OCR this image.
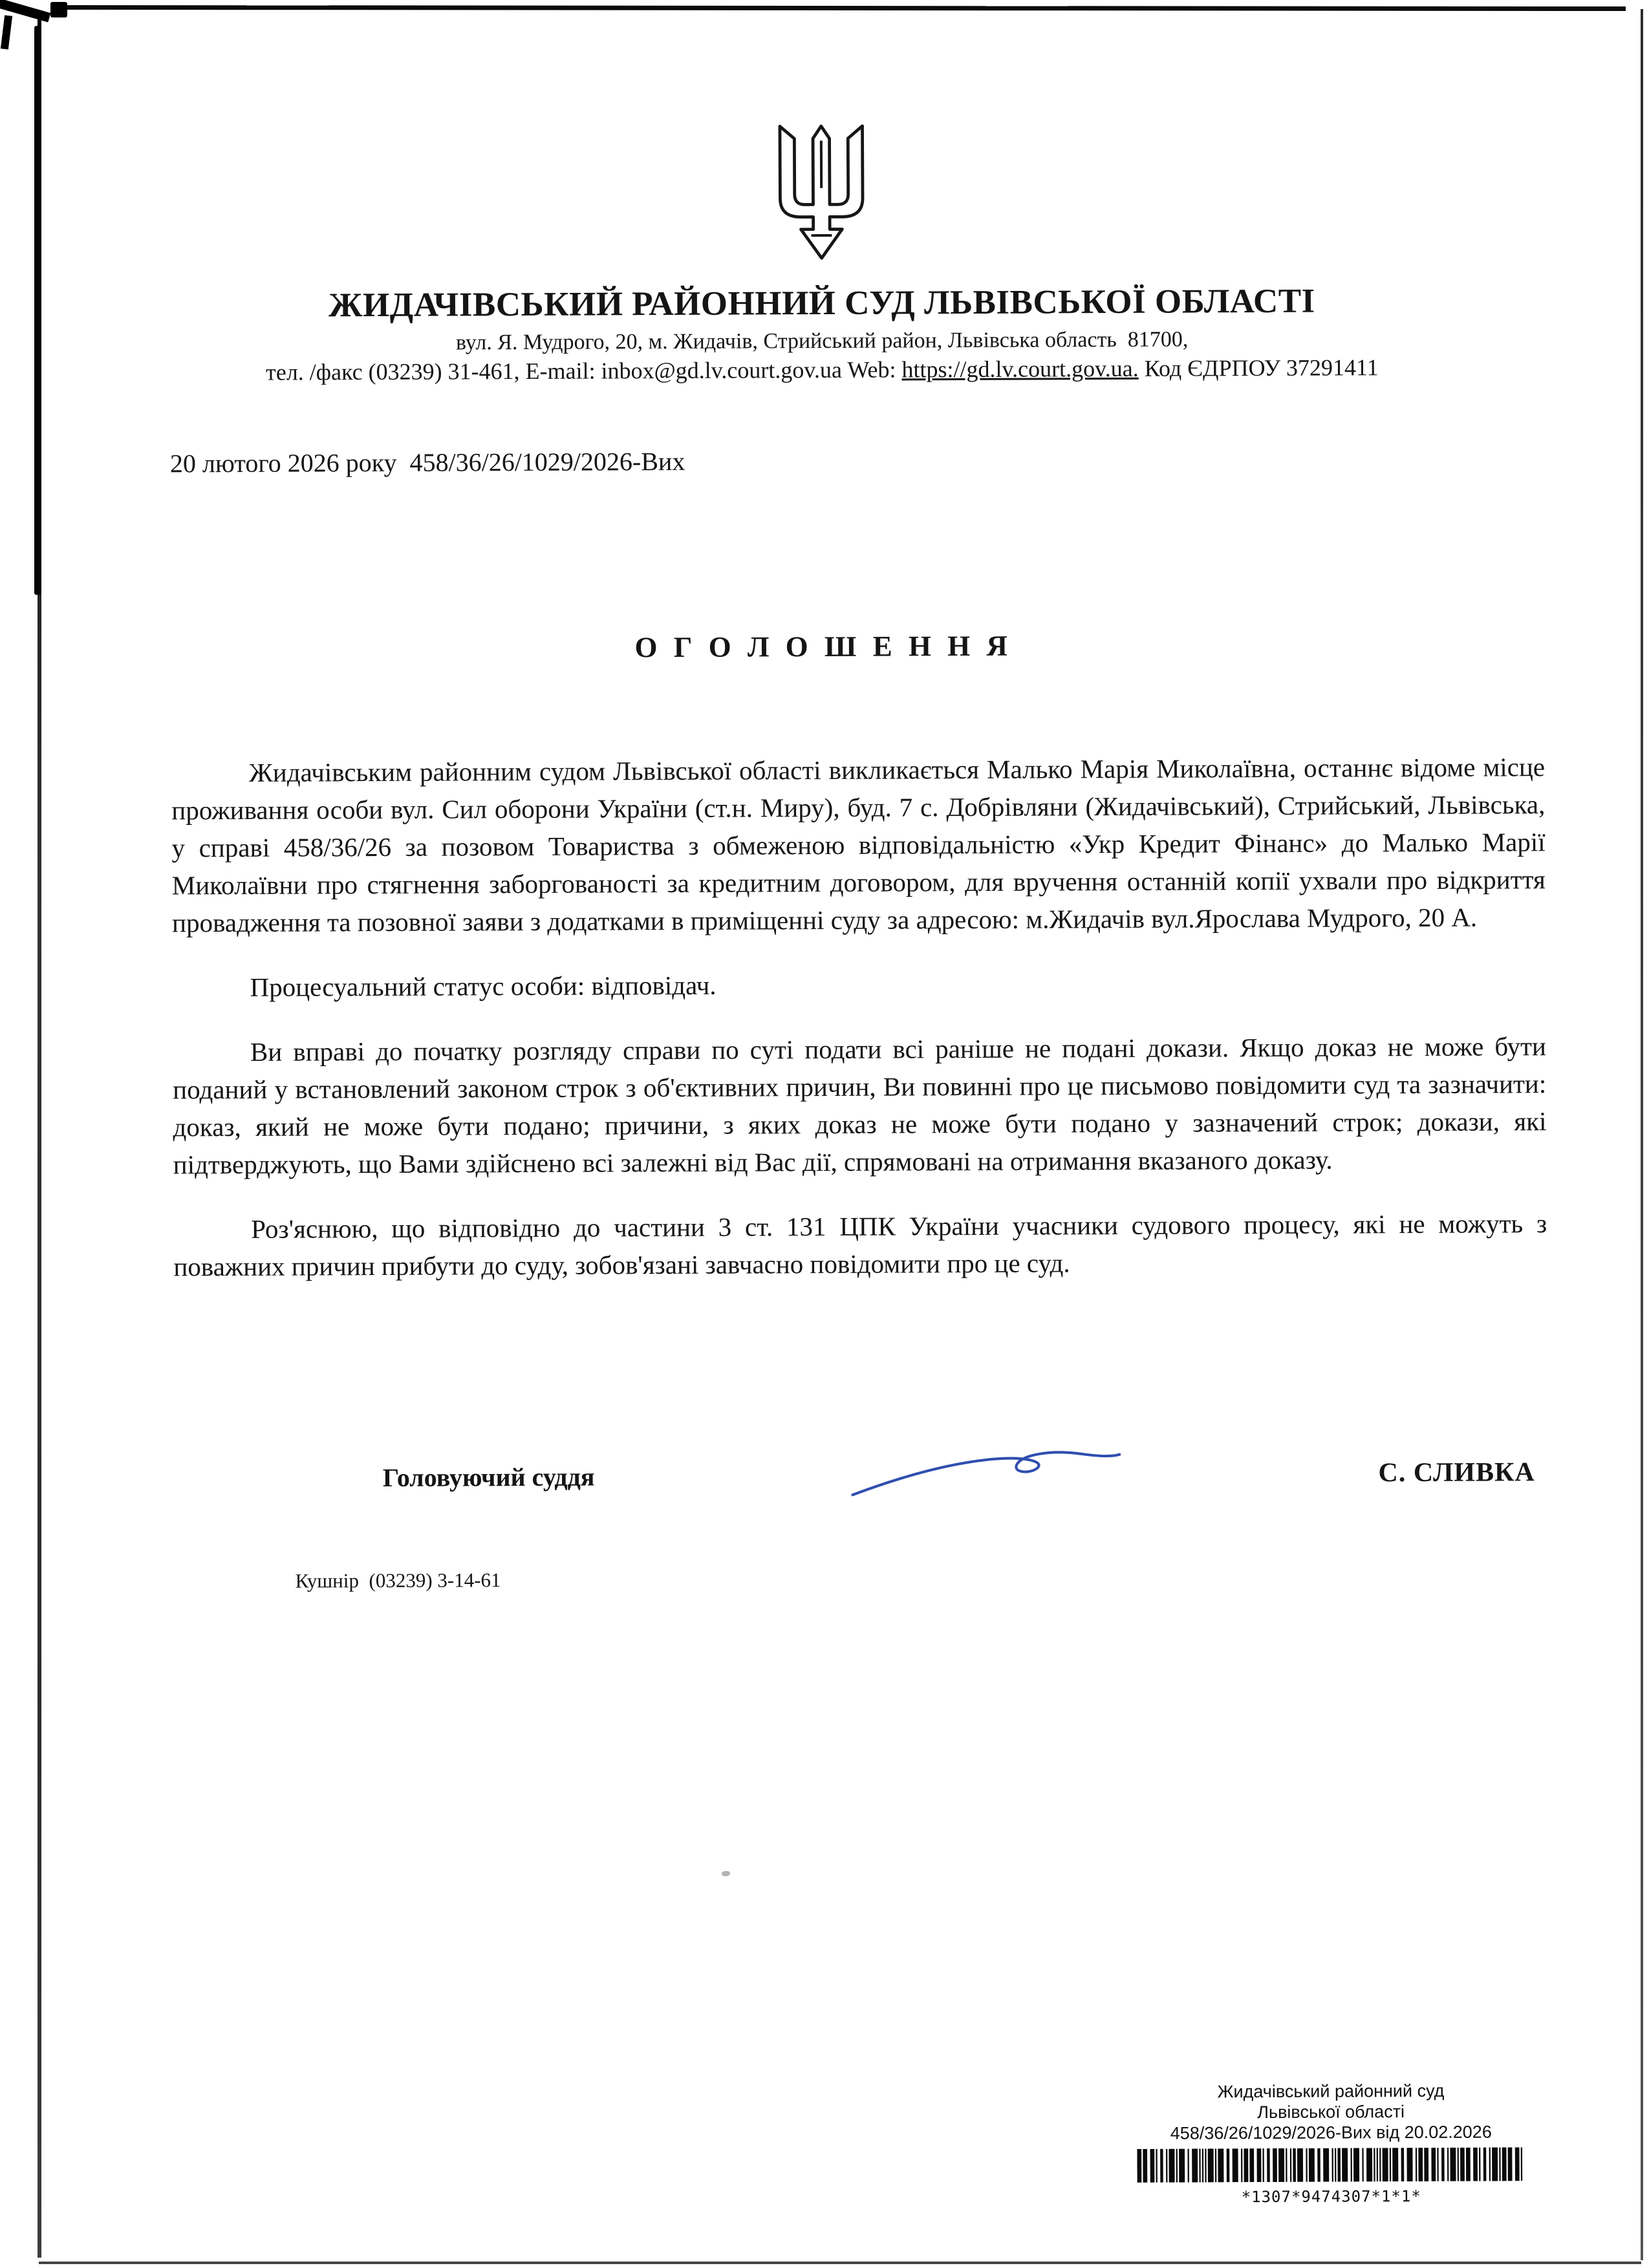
ЖИДАЧІВСЬКИЙ РАЙОННИЙ СУД ЛЬВІВСЬКОЇ ОБЛАСТІ
вул. Я. Мудрого, 20, м. Жидачів, Стрийський район, Львівська область  81700,
тел. /факс (03239) 31-461, E-mail: inbox@gd.lv.court.gov.ua Web: https://gd.lv.court.gov.ua. Код ЄДРПОУ 37291411
20 лютого 2026 року  458/36/26/1029/2026-Вих
О Г О Л О Ш Е Н Н Я

Жидачівським районним судом Львівської області викликається Малько Марія Миколаївна, останнє відоме місце проживання особи вул. Сил оборони України (ст.н. Миру), буд. 7 с. Добрівляни (Жидачівський), Стрийський, Львівська, у справі 458/36/26 за позовом Товариства з обмеженою відповідальністю «Укр Кредит Фінанс» до Малько Марії Миколаївни про стягнення заборгованості за кредитним договором, для вручення останній копії ухвали про відкриття провадження та позовної заяви з додатками в приміщенні суду за адресою: м.Жидачів вул.Ярослава Мудрого, 20 А.

Процесуальний статус особи: відповідач.

Ви вправі до початку розгляду справи по суті подати всі раніше не подані докази. Якщо доказ не може бути поданий у встановлений законом строк з об'єктивних причин, Ви повинні про це письмово повідомити суд та зазначити: доказ, який не може бути подано; причини, з яких доказ не може бути подано у зазначений строк; докази, які підтверджують, що Вами здійснено всі залежні від Вас дії, спрямовані на отримання вказаного доказу.

Роз'яснюю, що відповідно до частини 3 ст. 131 ЦПК України учасники судового процесу, які не можуть з поважних причин прибути до суду, зобов'язані завчасно повідомити про це суд.

Головуючий суддя	С. СЛИВКА
Кушнір  (03239) 3-14-61
Жидачівський районний суд
Львівської області
458/36/26/1029/2026-Вих від 20.02.2026
*1307*9474307*1*1*
